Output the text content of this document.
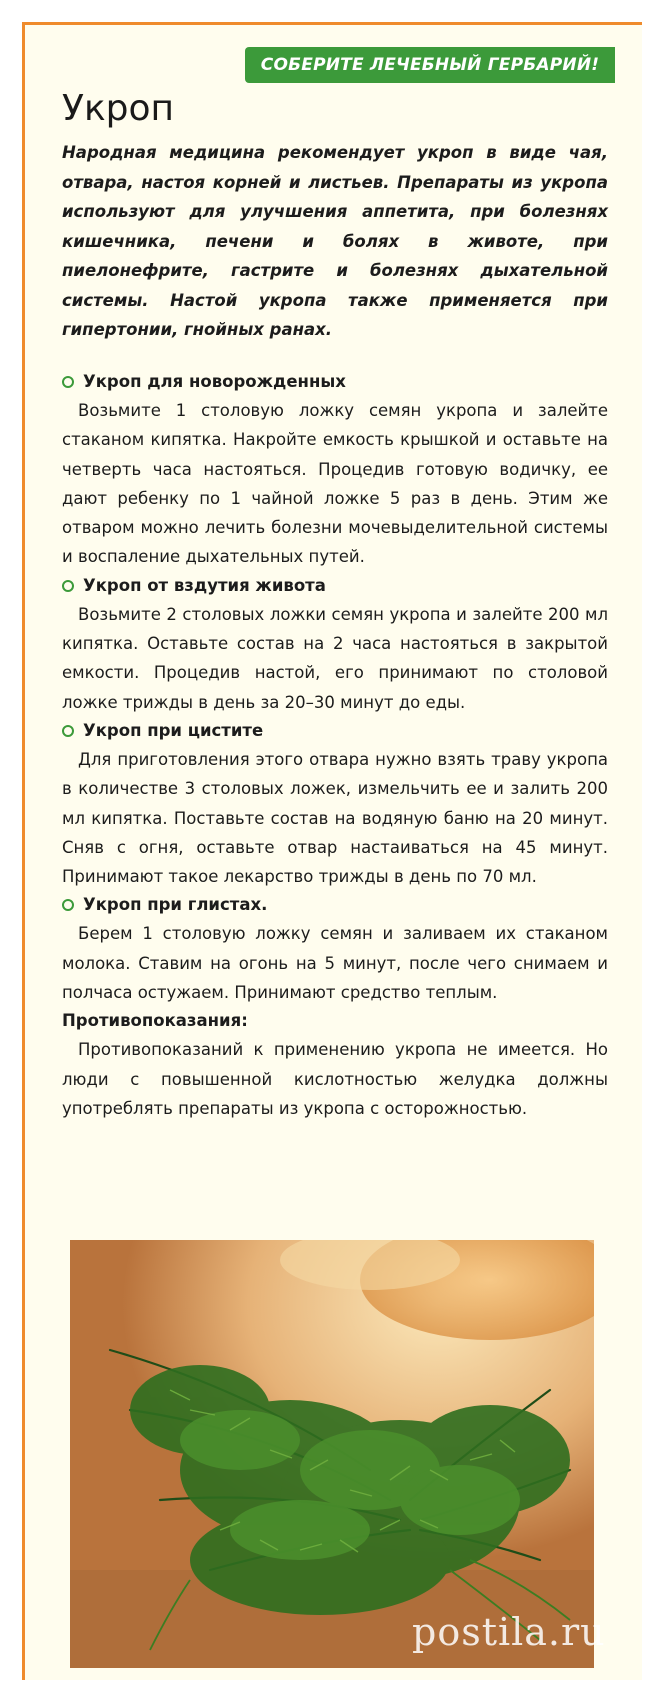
СОБЕРИТЕ ЛЕЧЕБНЫЙ ГЕРБАРИЙ!
Укроп

Народная медицина рекомендует укроп в виде чая, отвара, настоя корней и листьев. Препараты из укропа используют для улучшения аппетита, при болезнях кишечника, печени и болях в животе, при пиелонефрите, гастрите и болезнях дыхательной системы. Настой укропа также применяется при гипертонии, гнойных ранах.

Укроп для новорожденных

Возьмите 1 столовую ложку семян укропа и залейте стаканом кипятка. Накройте емкость крышкой и оставьте на четверть часа настояться. Процедив готовую водичку, ее дают ребенку по 1 чайной ложке 5 раз в день. Этим же отваром можно лечить болезни мочевыделительной системы и воспаление дыхательных путей.

Укроп от вздутия живота

Возьмите 2 столовых ложки семян укропа и залейте 200 мл кипятка. Оставьте состав на 2 часа настояться в закрытой емкости. Процедив настой, его принимают по столовой ложке трижды в день за 20–30 минут до еды.

Укроп при цистите

Для приготовления этого отвара нужно взять траву укропа в количестве 3 столовых ложек, измельчить ее и залить 200 мл кипятка. Поставьте состав на водяную баню на 20 минут. Сняв с огня, оставьте отвар настаиваться на 45 минут. Принимают такое лекарство трижды в день по 70 мл.

Укроп при глистах.

Берем 1 столовую ложку семян и заливаем их стаканом молока. Ставим на огонь на 5 минут, после чего снимаем и полчаса остужаем. Принимают средство теплым.

Противопоказания:

Противопоказаний к применению укропа не имеется. Но люди с повышенной кислотностью желудка должны употреблять препараты из укропа с осторожностью.

postila.ru
